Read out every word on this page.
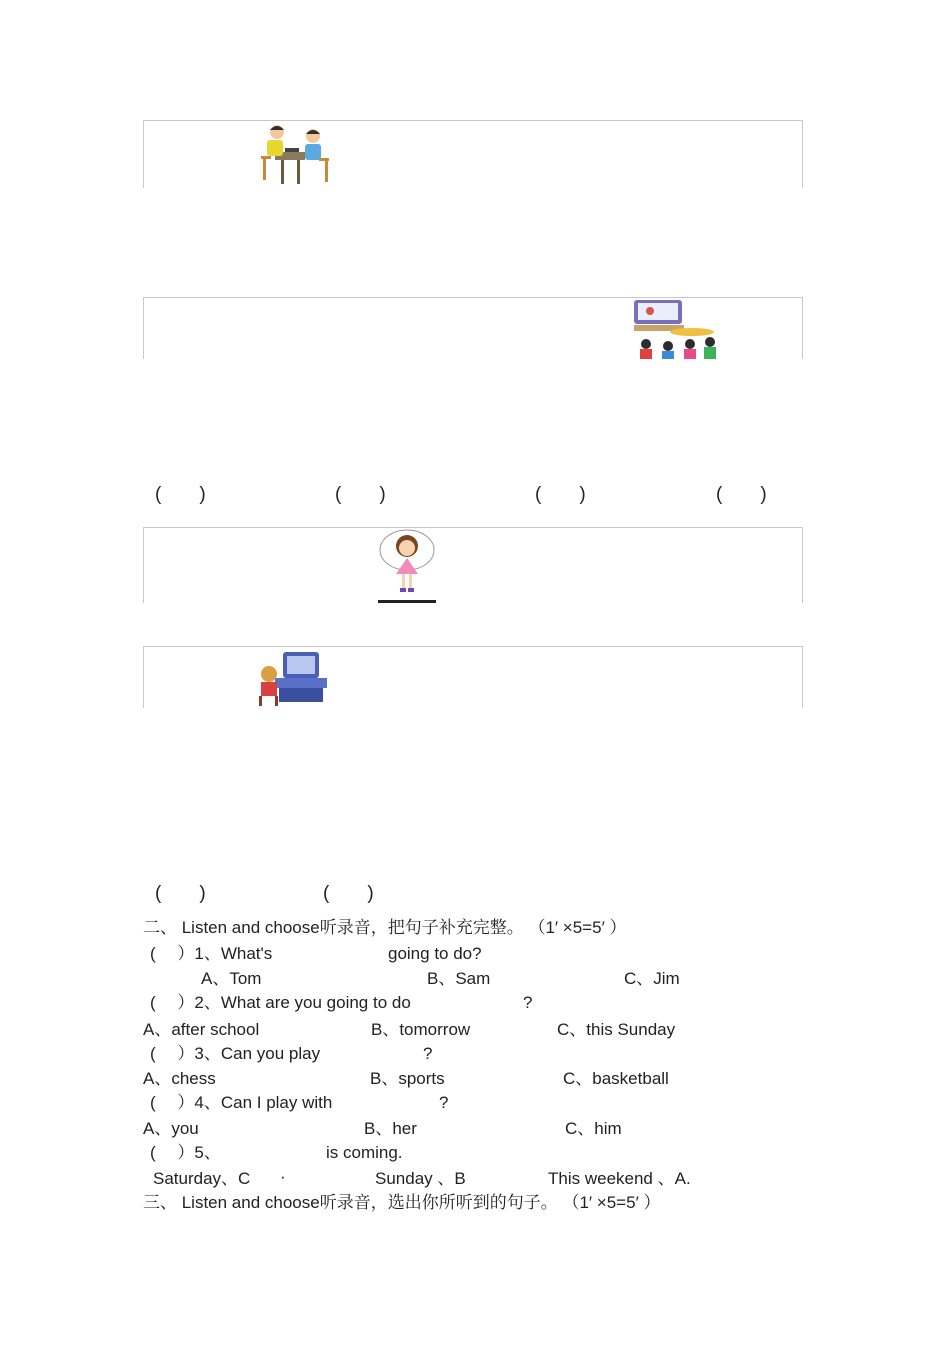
(　　)	(　　)	(　　)	(　　)
(　　)	(　　)
二、 Listen and choose听录音，把句子补充完整。 （1′ ×5=5′ ）
(　 ）1、What's	going to do?
A、Tom	B、Sam	C、Jim
(　 ）2、What are you going to do	?
A、after school	B、tomorrow	C、this Sunday
(　 ）3、Can you play	?
A、chess	B、sports	C、basketball
(　 ）4、Can I play with	?
A、you	B、her	C、him
(　 ）5、	is coming.
Saturday、C ·	Sunday 、B	This weekend 、A.
三、 Listen and choose听录音，选出你所听到的句子。 （1′ ×5=5′ ）
